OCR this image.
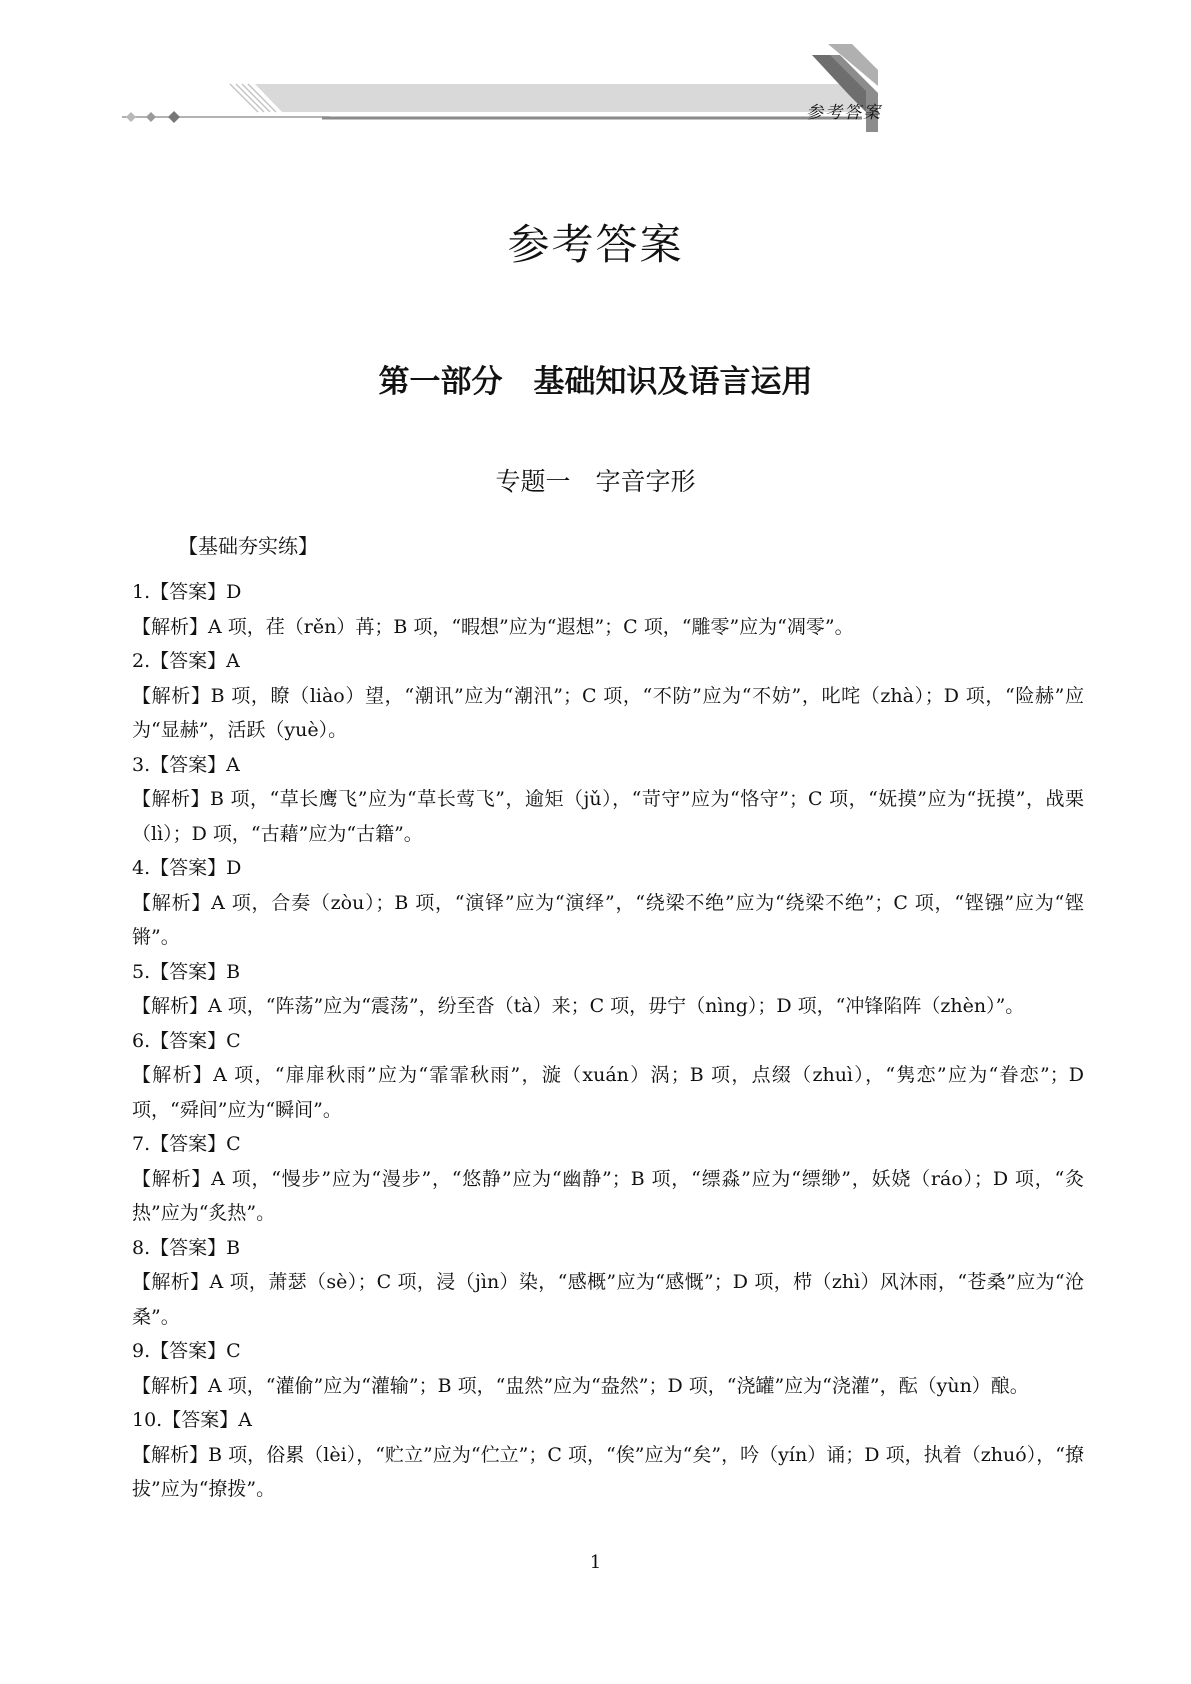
参考答案
参考答案
第一部分　基础知识及语言运用
专题一　字音字形
【基础夯实练】

1.【答案】D

【解析】A 项，荏（rěn）苒；B 项，“暇想”应为“遐想”；C 项，“雕零”应为“凋零”。

2.【答案】A

【解析】B 项，瞭（liào）望，“潮讯”应为“潮汛”；C 项，“不防”应为“不妨”，叱咤（zhà）；D 项，“险赫”应为“显赫”，活跃（yuè）。

3.【答案】A

【解析】B 项，“草长鹰飞”应为“草长莺飞”，逾矩（jǔ），“苛守”应为“恪守”；C 项，“妩摸”应为“抚摸”，战栗（lì）；D 项，“古藉”应为“古籍”。

4.【答案】D

【解析】A 项，合奏（zòu）；B 项，“演铎”应为“演绎”，“绕梁不绝”应为“绕梁不绝”；C 项，“铿镪”应为“铿锵”。

5.【答案】B

【解析】A 项，“阵荡”应为“震荡”，纷至沓（tà）来；C 项，毋宁（nìng）；D 项，“冲锋陷阵（zhèn）”。

6.【答案】C

【解析】A 项，“扉扉秋雨”应为“霏霏秋雨”，漩（xuán）涡；B 项，点缀（zhuì），“隽恋”应为“眷恋”；D 项，“舜间”应为“瞬间”。

7.【答案】C

【解析】A 项，“慢步”应为“漫步”，“悠静”应为“幽静”；B 项，“缥淼”应为“缥缈”，妖娆（ráo）；D 项，“灸热”应为“炙热”。

8.【答案】B

【解析】A 项，萧瑟（sè）；C 项，浸（jìn）染，“感概”应为“感慨”；D 项，栉（zhì）风沐雨，“苍桑”应为“沧桑”。

9.【答案】C

【解析】A 项，“灌偷”应为“灌输”；B 项，“盅然”应为“盎然”；D 项，“浇罐”应为“浇灌”，酝（yùn）酿。

10.【答案】A

【解析】B 项，俗累（lèi），“贮立”应为“伫立”；C 项，“俟”应为“矣”，吟（yín）诵；D 项，执着（zhuó），“撩拔”应为“撩拨”。

1
